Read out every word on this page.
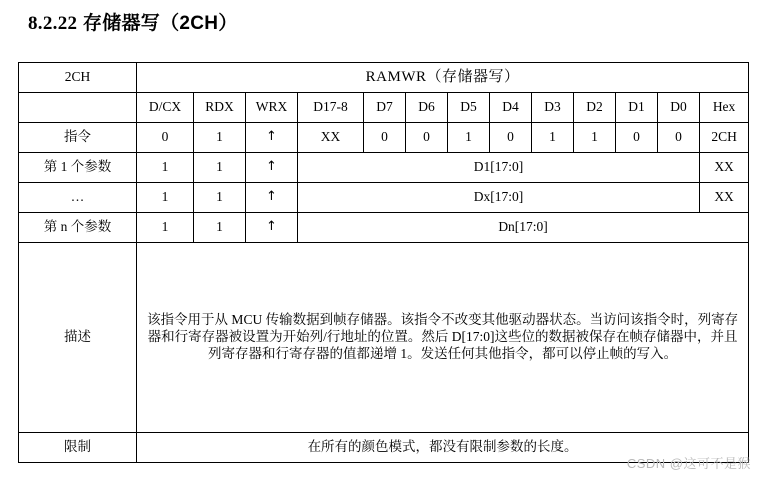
8.2.22 存储器写（2CH）
2CH	RAMWR（存储器写）												
	D/CX	RDX	WRX	D17-8	D7	D6	D5	D4	D3	D2	D1	D0	Hex
指令	0	1	↑	XX	0	0	1	0	1	1	0	0	2CH
第 1 个参数	1	1	↑	D1[17:0]									XX
…	1	1	↑	Dx[17:0]									XX
第 n 个参数	1	1	↑	Dn[17:0]									
描述	该指令用于从 MCU 传输数据到帧存储器。该指令不改变其他驱动器状态。当访问该指令时，列寄存器和行寄存器被设置为开始列/行地址的位置。然后 D[17:0]这些位的数据被保存在帧存储器中，并且列寄存器和行寄存器的值都递增 1。发送任何其他指令，都可以停止帧的写入。												
限制	在所有的颜色模式，都没有限制参数的长度。												
CSDN @这可不是猴
